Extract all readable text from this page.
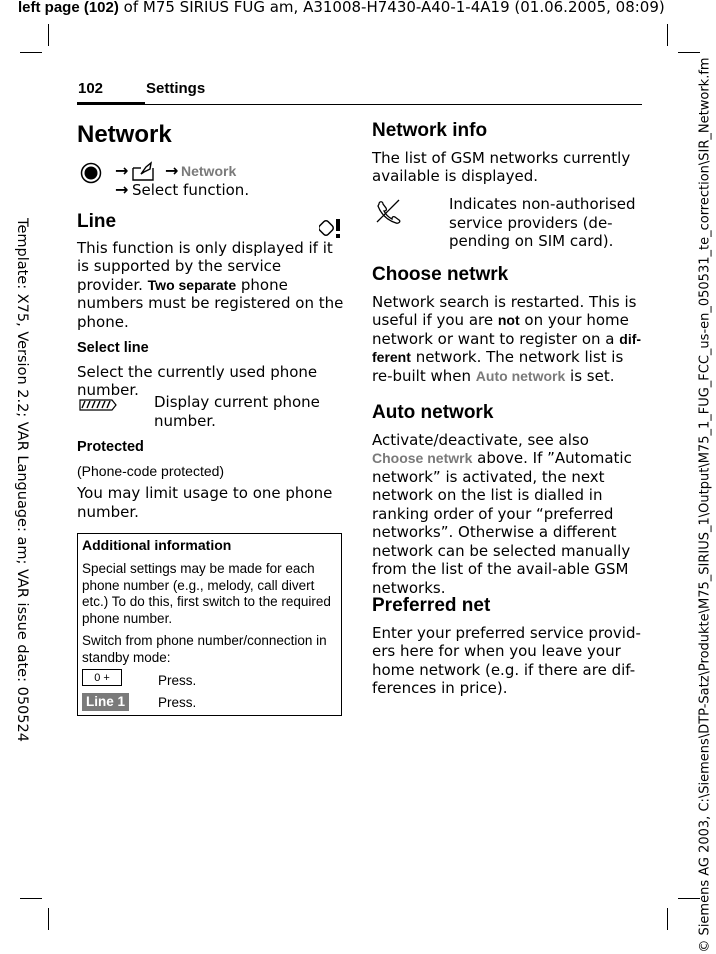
left page (102) of M75 SIRIUS FUG am, A31008-H7430-A40-1-4A19 (01.06.2005, 08:09)
Template: X75, Version 2.2; VAR Language: am; VAR issue date: 050524	© Siemens AG 2003, C:\Siemens\DTP-Satz\Produkte\M75_SIRIUS_1\Output\M75_1_FUG_FCC_us-en_050531_te_correction\SIR_Network.fm
102	Settings
Network
→ → Network
→ Select function.
Line

This function is only displayed if it is supported by the service provider. Two separate phone numbers must be registered on the phone.

Select line

Select the currently used phone number.

Display current phone number.

Protected
(Phone-code protected)

You may limit usage to one phone number.

Additional information
Special settings may be made for each phone number (e.g., melody, call divert etc.) To do this, first switch to the required phone number.
Switch from phone number/connection in standby mode:
0 +	Press.
Line 1 Press.
Network info

The list of GSM networks currently available is displayed.

Indicates non-authorised service providers (de-pending on SIM card).

Choose netwrk

Network search is restarted. This is useful if you are not on your home network or want to register on a dif-ferent network. The network list is re-built when Auto network is set.

Auto network

Activate/deactivate, see also Choose netwrk above. If ”Automatic network” is activated, the next network on the list is dialled in ranking order of your “preferred networks”. Otherwise a different network can be selected manually from the list of the avail-able GSM networks.

Preferred net

Enter your preferred service provid-ers here for when you leave your home network (e.g. if there are dif-ferences in price).
